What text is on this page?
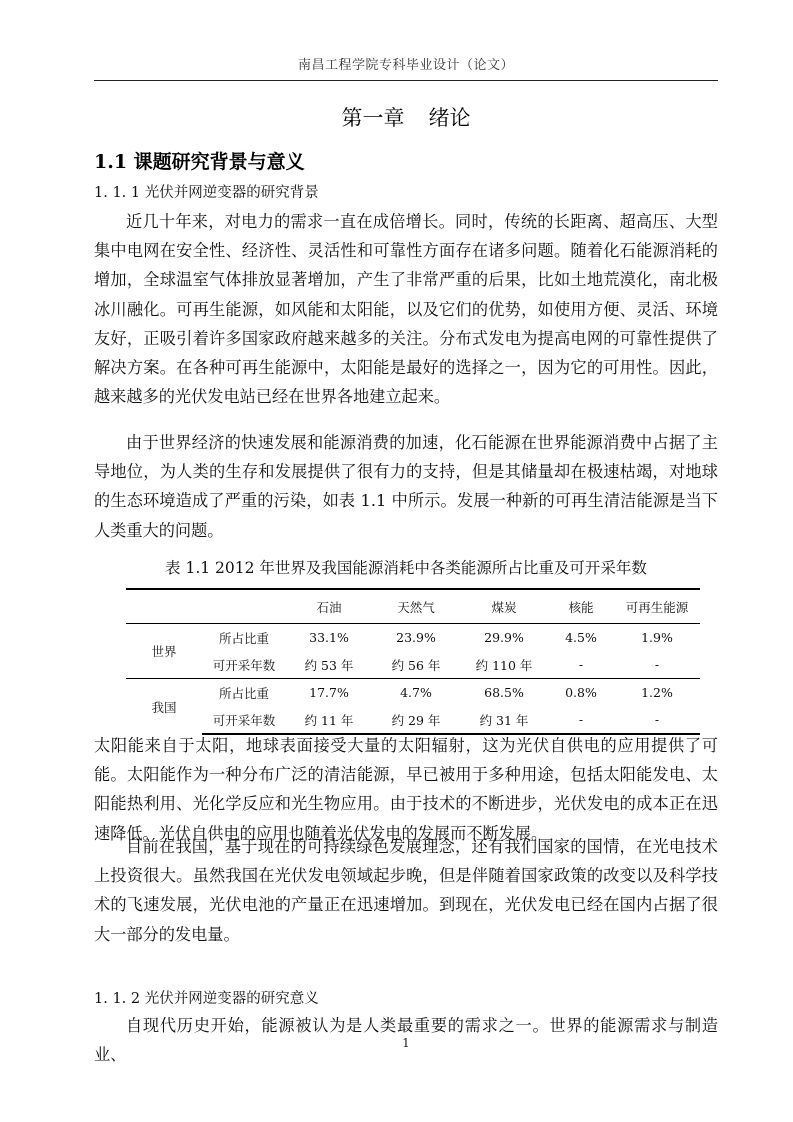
南昌工程学院专科毕业设计（论文）
第一章 绪论
1.1 课题研究背景与意义
1. 1. 1 光伏并网逆变器的研究背景

近几十年来，对电力的需求一直在成倍增长。同时，传统的长距离、超高压、大型集中电网在安全性、经济性、灵活性和可靠性方面存在诸多问题。随着化石能源消耗的增加，全球温室气体排放显著增加，产生了非常严重的后果，比如土地荒漠化，南北极冰川融化。可再生能源，如风能和太阳能，以及它们的优势，如使用方便、灵活、环境友好，正吸引着许多国家政府越来越多的关注。分布式发电为提高电网的可靠性提供了解决方案。在各种可再生能源中，太阳能是最好的选择之一，因为它的可用性。因此，越来越多的光伏发电站已经在世界各地建立起来。

由于世界经济的快速发展和能源消费的加速，化石能源在世界能源消费中占据了主导地位，为人类的生存和发展提供了很有力的支持，但是其储量却在极速枯竭，对地球的生态环境造成了严重的污染，如表 1.1 中所示。发展一种新的可再生清洁能源是当下人类重大的问题。

表 1.1 2012 年世界及我国能源消耗中各类能源所占比重及可开采年数
		石油	天然气	煤炭	核能	可再生能源
世界	所占比重	33.1%	23.9%	29.9%	4.5%	1.9%
	可开采年数	约 53 年	约 56 年	约 110 年	-	-
我国	所占比重	17.7%	4.7%	68.5%	0.8%	1.2%
	可开采年数	约 11 年	约 29 年	约 31 年	-	-

太阳能来自于太阳，地球表面接受大量的太阳辐射，这为光伏自供电的应用提供了可能。太阳能作为一种分布广泛的清洁能源，早已被用于多种用途，包括太阳能发电、太阳能热利用、光化学反应和光生物应用。由于技术的不断进步，光伏发电的成本正在迅速降低。光伏自供电的应用也随着光伏发电的发展而不断发展。

目前在我国，基于现在的可持续绿色发展理念，还有我们国家的国情，在光电技术上投资很大。虽然我国在光伏发电领域起步晚，但是伴随着国家政策的改变以及科学技术的飞速发展，光伏电池的产量正在迅速增加。到现在，光伏发电已经在国内占据了很大一部分的发电量。

1. 1. 2 光伏并网逆变器的研究意义

自现代历史开始，能源被认为是人类最重要的需求之一。世界的能源需求与制造业、

1
